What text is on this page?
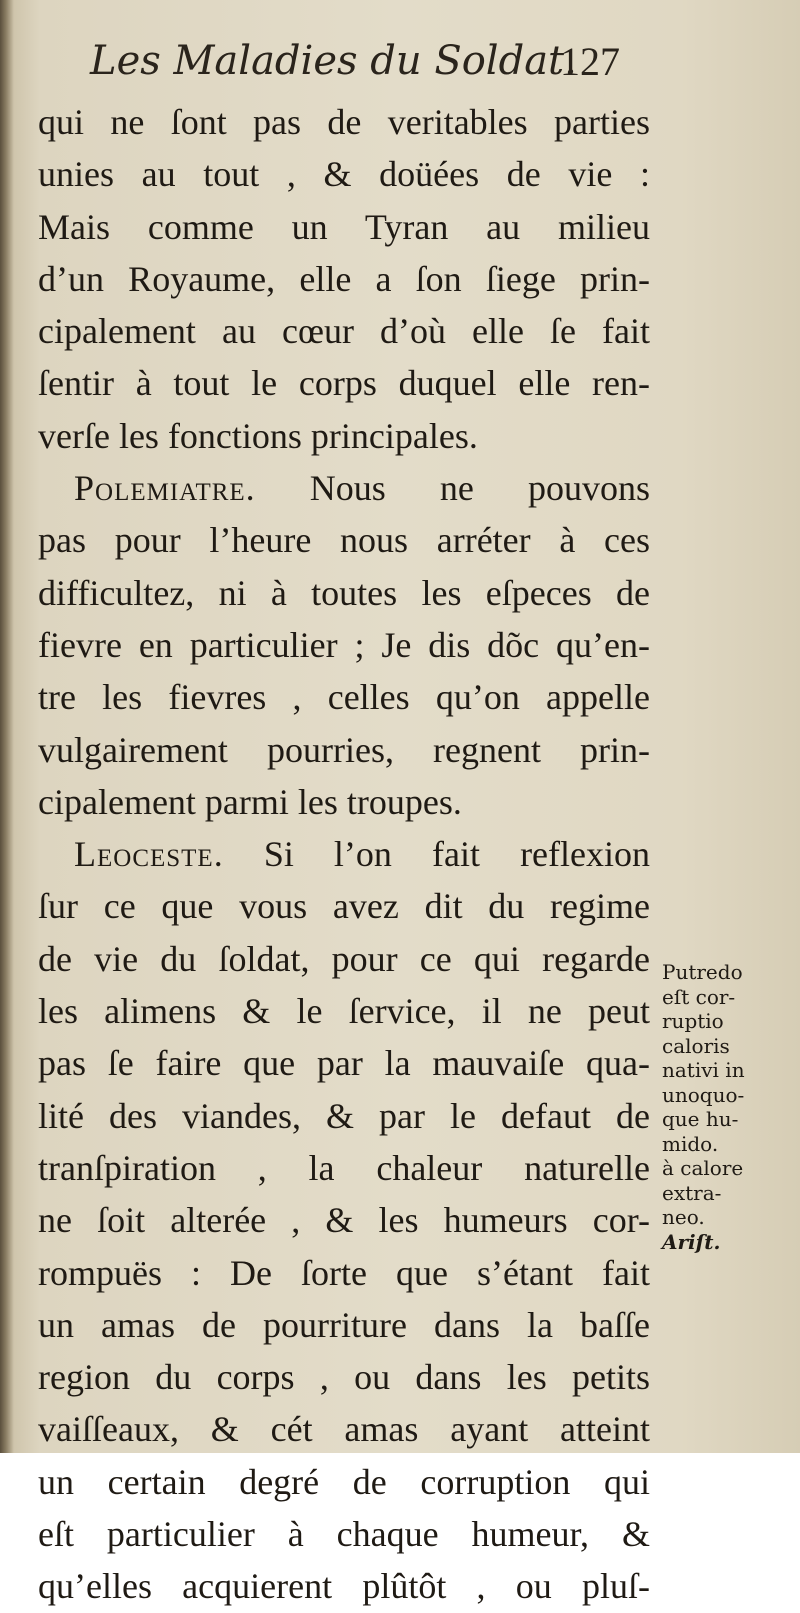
Les Maladies du Soldat.
127
qui ne ſont pas de veritables parties
unies au tout , & doüées de vie :
Mais comme un Tyran au milieu
d’un Royaume, elle a ſon ſiege prin-
cipalement au cœur d’où elle ſe fait
ſentir à tout le corps duquel elle ren-
verſe les fonctions principales.
Polemiatre. Nous ne pouvons
pas pour l’heure nous arréter à ces
difficultez, ni à toutes les eſpeces de
fievre en particulier ; Je dis dõc qu’en-
tre les fievres , celles qu’on appelle
vulgairement pourries, regnent prin-
cipalement parmi les troupes.
Leoceste. Si l’on fait reflexion
ſur ce que vous avez dit du regime
de vie du ſoldat, pour ce qui regarde
les alimens & le ſervice, il ne peut
pas ſe faire que par la mauvaiſe qua-
lité des viandes, & par le defaut de
tranſpiration , la chaleur naturelle
ne ſoit alterée , & les humeurs cor-
rompuës : De ſorte que s’étant fait
un amas de pourriture dans la baſſe
region du corps , ou dans les petits
vaiſſeaux, & cét amas ayant atteint
un certain degré de corruption qui
eſt particulier à chaque humeur, &
qu’elles acquierent plûtôt , ou pluſ-
Putredo
eſt cor-
ruptio
caloris
nativi in
unoquo-
que hu-
mido.
à calore
extra-
neo.
Ariſt.
